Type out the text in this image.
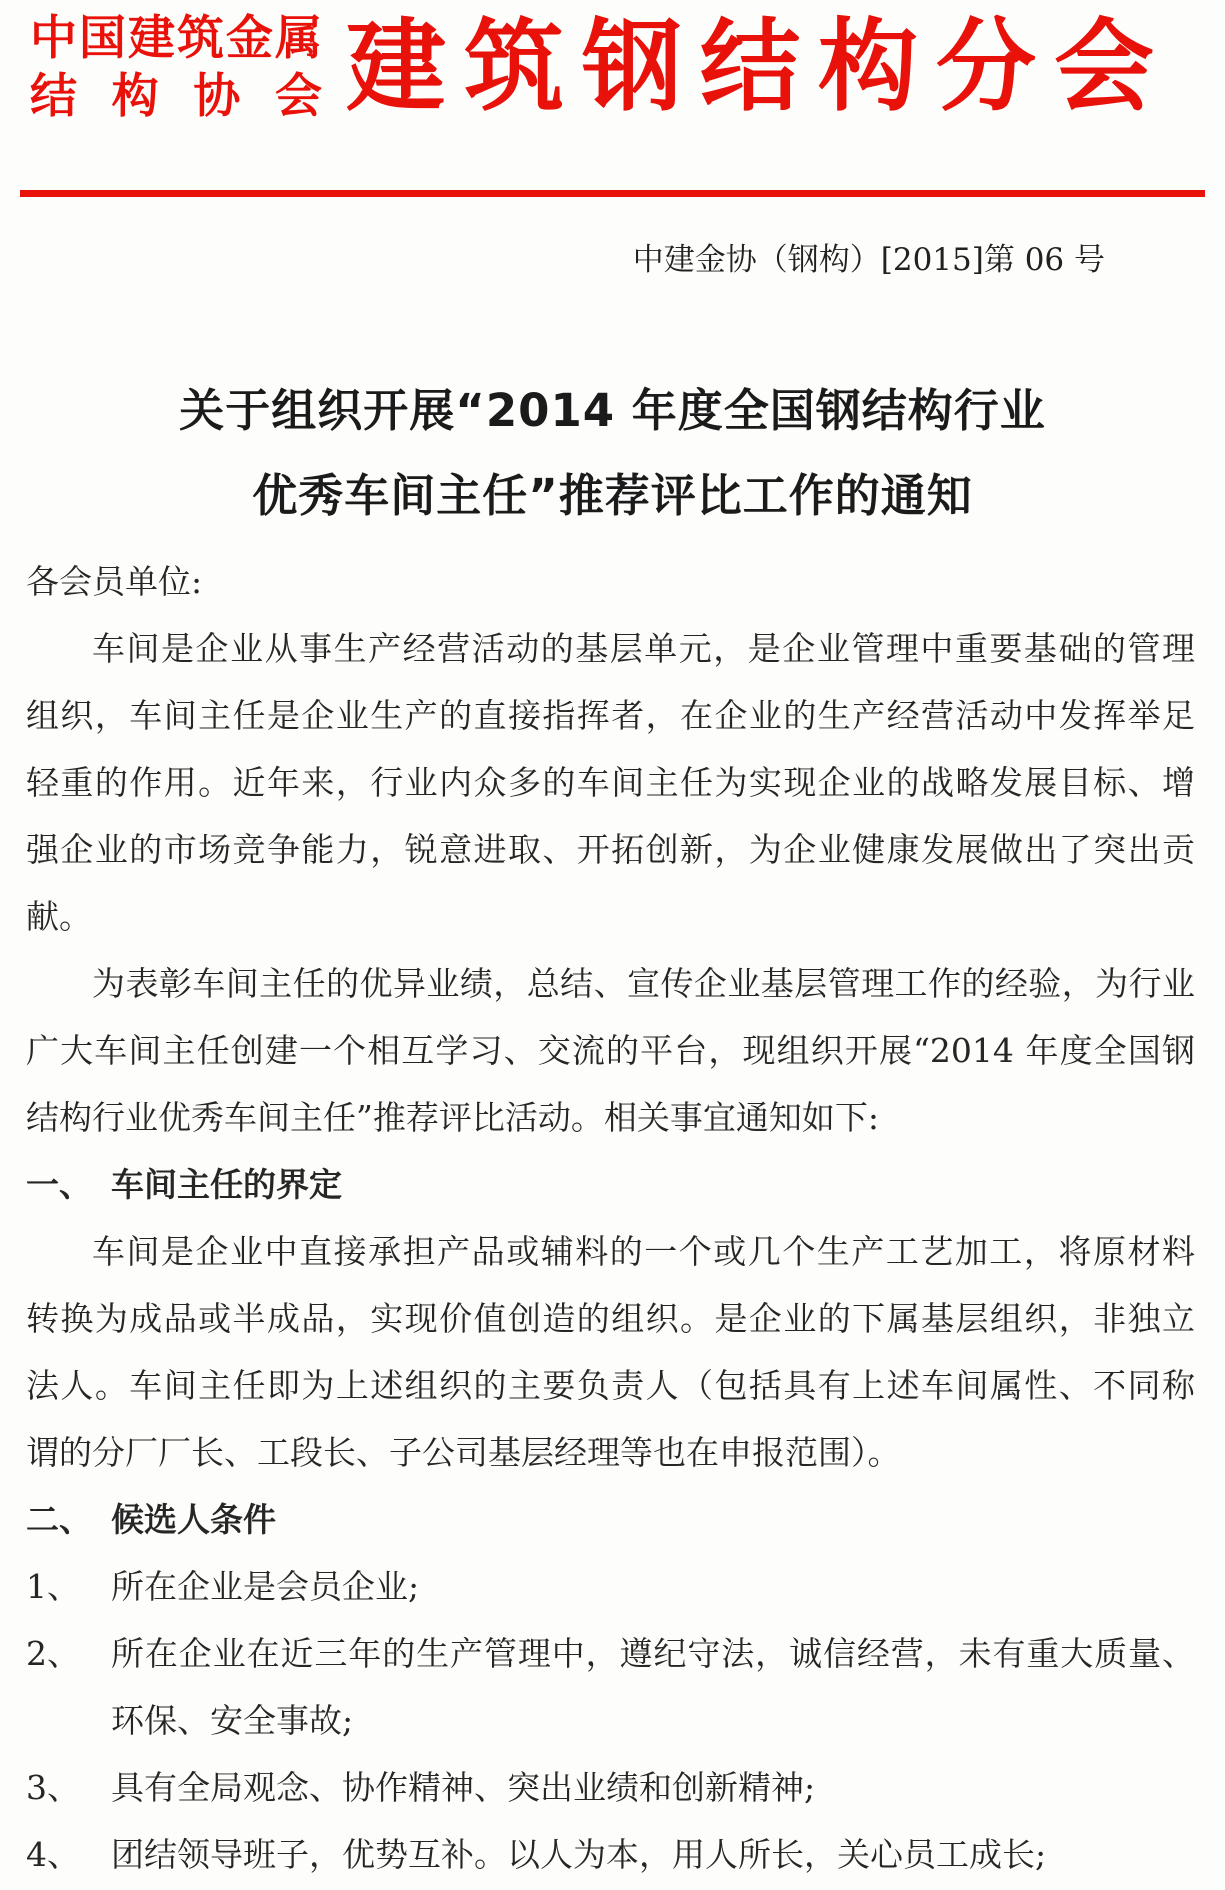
中国建筑金属
结构协会 建筑钢结构分会
中建金协（钢构）[2015]第 06 号
关于组织开展“2014 年度全国钢结构行业
优秀车间主任”推荐评比工作的通知
各会员单位:
车间是企业从事生产经营活动的基层单元，是企业管理中重要基础的管理
组织，车间主任是企业生产的直接指挥者，在企业的生产经营活动中发挥举足
轻重的作用。近年来，行业内众多的车间主任为实现企业的战略发展目标、增
强企业的市场竞争能力，锐意进取、开拓创新，为企业健康发展做出了突出贡
献。
为表彰车间主任的优异业绩，总结、宣传企业基层管理工作的经验，为行业
广大车间主任创建一个相互学习、交流的平台，现组织开展“2014 年度全国钢
结构行业优秀车间主任”推荐评比活动。相关事宜通知如下:
一、 车间主任的界定
车间是企业中直接承担产品或辅料的一个或几个生产工艺加工，将原材料
转换为成品或半成品，实现价值创造的组织。是企业的下属基层组织，非独立
法人。车间主任即为上述组织的主要负责人（包括具有上述车间属性、不同称
谓的分厂厂长、工段长、子公司基层经理等也在申报范围）。
二、 候选人条件
1、 所在企业是会员企业;
2、 所在企业在近三年的生产管理中，遵纪守法，诚信经营，未有重大质量、
环保、安全事故;
3、 具有全局观念、协作精神、突出业绩和创新精神;
4、 团结领导班子，优势互补。以人为本，用人所长，关心员工成长;
